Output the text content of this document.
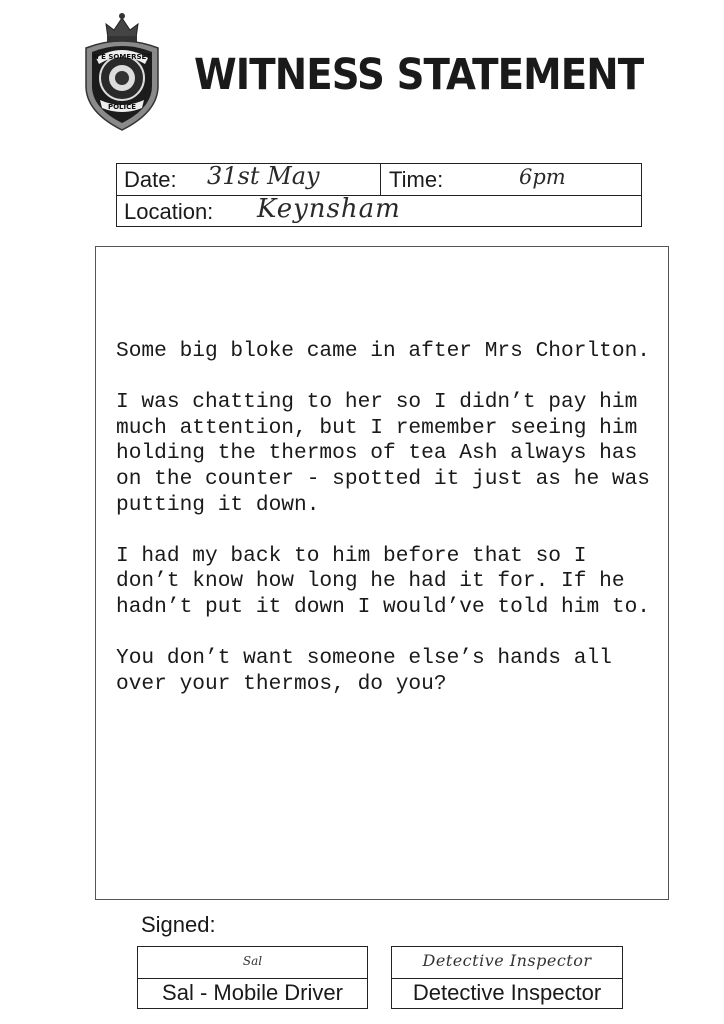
N E SOMERSET
POLICE
WITNESS STATEMENT
Date: 31st May	Time:	6pm
Location: Keynsham

Some big bloke came in after Mrs Chorlton.

I was chatting to her so I didn’t pay him much attention, but I remember seeing him holding the thermos of tea Ash always has on the counter - spotted it just as he was putting it down.

I had my back to him before that so I don’t know how long he had it for. If he hadn’t put it down I would’ve told him to.

You don’t want someone else’s hands all over your thermos, do you?

Signed:
Sal
Sal - Mobile Driver
Detective Inspector
Detective Inspector
